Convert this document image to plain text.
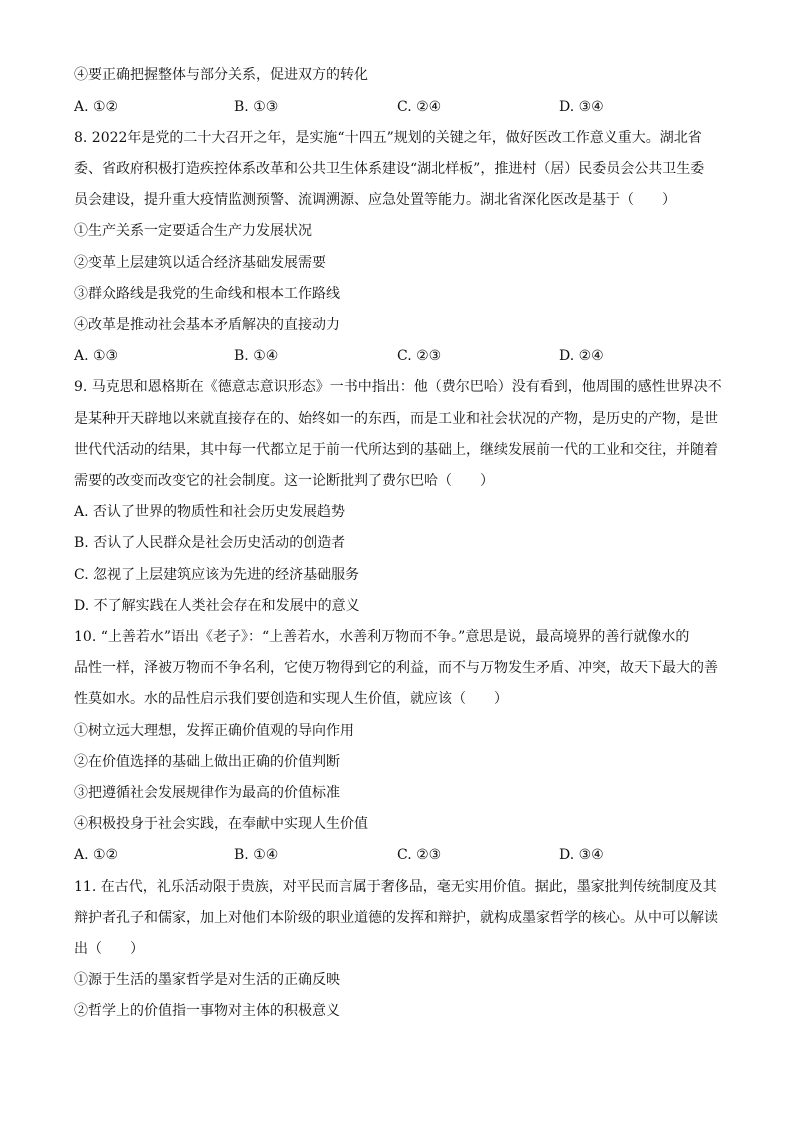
④要正确把握整体与部分关系，促进双方的转化
A. ①②	B. ①③	C. ②④	D. ③④
8. 2022年是党的二十大召开之年，是实施“十四五”规划的关键之年，做好医改工作意义重大。湖北省
委、省政府积极打造疾控体系改革和公共卫生体系建设“湖北样板”，推进村（居）民委员会公共卫生委
员会建设，提升重大疫情监测预警、流调溯源、应急处置等能力。湖北省深化医改是基于（　　）
①生产关系一定要适合生产力发展状况
②变革上层建筑以适合经济基础发展需要
③群众路线是我党的生命线和根本工作路线
④改革是推动社会基本矛盾解决的直接动力
A. ①③	B. ①④	C. ②③	D. ②④
9. 马克思和恩格斯在《德意志意识形态》一书中指出：他（费尔巴哈）没有看到，他周围的感性世界决不
是某种开天辟地以来就直接存在的、始终如一的东西，而是工业和社会状况的产物，是历史的产物，是世
世代代活动的结果，其中每一代都立足于前一代所达到的基础上，继续发展前一代的工业和交往，并随着
需要的改变而改变它的社会制度。这一论断批判了费尔巴哈（　　）
A. 否认了世界的物质性和社会历史发展趋势
B. 否认了人民群众是社会历史活动的创造者
C. 忽视了上层建筑应该为先进的经济基础服务
D. 不了解实践在人类社会存在和发展中的意义
10. “上善若水”语出《老子》：“上善若水，水善利万物而不争。”意思是说，最高境界的善行就像水的
品性一样，泽被万物而不争名利，它使万物得到它的利益，而不与万物发生矛盾、冲突，故天下最大的善
性莫如水。水的品性启示我们要创造和实现人生价值，就应该（　　）
①树立远大理想，发挥正确价值观的导向作用
②在价值选择的基础上做出正确的价值判断
③把遵循社会发展规律作为最高的价值标准
④积极投身于社会实践，在奉献中实现人生价值
A. ①②	B. ①④	C. ②③	D. ③④
11. 在古代，礼乐活动限于贵族，对平民而言属于奢侈品，毫无实用价值。据此，墨家批判传统制度及其
辩护者孔子和儒家，加上对他们本阶级的职业道德的发挥和辩护，就构成墨家哲学的核心。从中可以解读
出（　　）
①源于生活的墨家哲学是对生活的正确反映
②哲学上的价值指一事物对主体的积极意义
